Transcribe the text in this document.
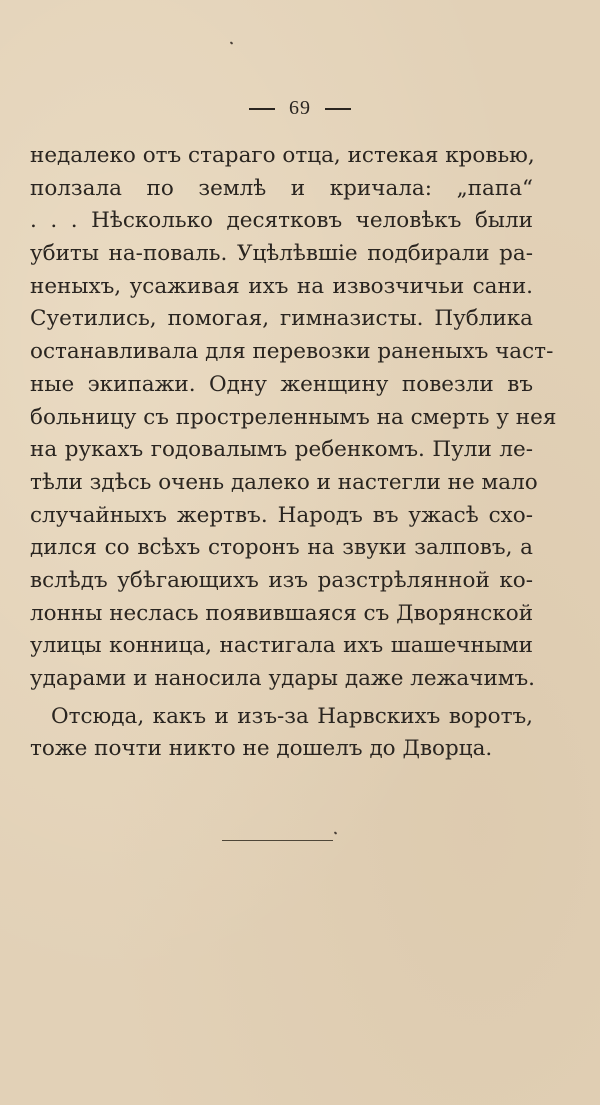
69
недалеко отъ стараго отца, истекая кровью,
ползала по землѣ и кричала: „папа“
. . . Нѣсколько десятковъ человѣкъ были
убиты на-поваль. Уцѣлѣвшіе подбирали ра-
неныхъ, усаживая ихъ на извозчичьи сани.
Суетились, помогая, гимназисты. Публика
останавливала для перевозки раненыхъ част-
ные экипажи. Одну женщину повезли въ
больницу съ простреленнымъ на смерть у нея
на рукахъ годовалымъ ребенкомъ. Пули ле-
тѣли здѣсь очень далеко и настегли не мало
случайныхъ жертвъ. Народъ въ ужасѣ схо-
дился со всѣхъ сторонъ на звуки залповъ, а
вслѣдъ убѣгающихъ изъ разстрѣлянной ко-
лонны неслась появившаяся съ Дворянской
улицы конница, настигала ихъ шашечными
ударами и наносила удары даже лежачимъ.
Отсюда, какъ и изъ-за Нарвскихъ воротъ,
тоже почти никто не дошелъ до Дворца.
